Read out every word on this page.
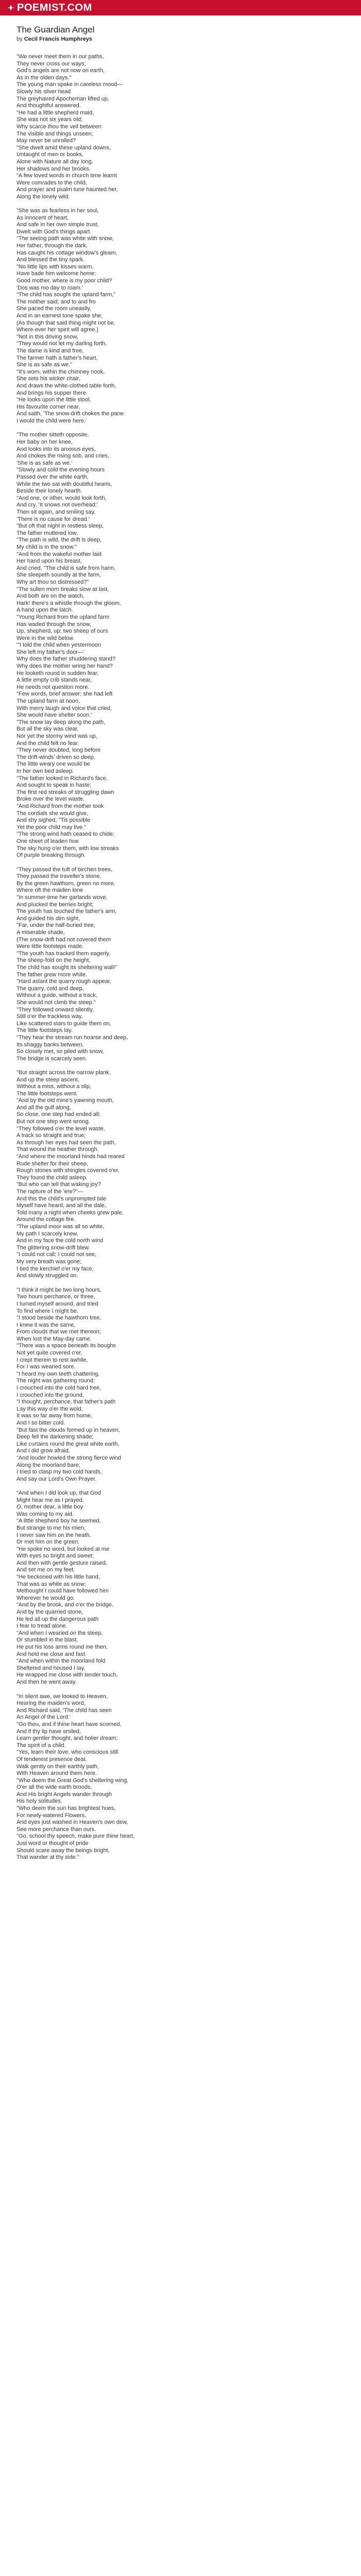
POEMIST.COM
The Guardian Angel

by Cecil Francis Humphreys

"We never meet them in our paths,
They never cross our ways;
God's angels are not now on earth,
As in the olden days."
The young man spake in careless mood—
Slowly his sliver head
The greyhaired Apocheman lifted up,
And thoughtful answered.
"He had a little shepherd maid,
She was not six years old;
Why scarce thou the veil between
The visible and things unseen;
May never be unrolled?
"She dwelt amid these upland downs,
Untaught of men or books,
Alone with Nature all day long,
Her shadows and her brooks.
"A few loved words in church time learnt
Were comrades to the child,
And prayer and psalm tune haunted her,
Along the lonely wild.
"She was as fearless in her soul,
As innocent of heart,
And safe in her own simple trust,
Dwelt with God's things apart.
"The seeing path was white with snow,
Her father, through the dark,
Has caught his cottage window's gleam,
And blessed the tiny spark.
"No little lips with kisses warm,
Have bade him welcome home:
Good mother, where is my poor child?
'Dos was mo day to roam.'
"The child has sought the upland farm,"
The mother said; and to and fro
She paced the room uneasily,
And in an earnest tone spake she,
(As though that said thing might not be,
Where-ever her spirit will agree.)
"Not in this driving snow,
"They would not let my darling forth,
The dame is kind and free,
The farmer hath a father's heart,
She is as safe as we."
"It's worn, within the chimney nook,
She sets his wicker chair,
And draws the white-clothed table forth,
And brings his supper there.
"He looks upon the little stool,
His favourite corner near,
And saith, 'The snow-drift chokes the pane:
I would the child were here.'
"The mother sitteth opposite,
Her baby on her knee,
And looks into its anxious eyes,
And chokes the rising sob, and cries,
'She is as safe as we.'
"Slowly and cold the evening hours
Passed over the white earth,
While the two sat with doubtful hearts,
Beside their lonely hearth.
"And one, or other, would look forth,
And cry, 'It snows not overhead;'
Then sit again, and smiling say,
'There is no cause for dread.'
"But oft that night in restless sleep,
The father muttered low,
"The path is wild, the drift is deep,
My child is in the snow."
"And from the wakeful mother laid
Her hand upon his breast,
And cried, "The child is safe from harm,
She sleepeth soundly at the farm,
Why art thou so distressed?"
"The sullen morn breaks slow at last,
And both are on the watch,
Hark! there's a whistle through the gloom,
A hand upon the latch.
"Young Richard from the upland farm
Has waded through the snow,
Up, shepherd, up; two sheep of ours
Were in the wild below.
"'I told the child when yestermoon
She left my father's door—'
Why does the father shuddering stand?
Why does the mother wring her hand?
He looketh round in sudden fear,
A little empty crib stands near,
He needs not question more.
"Few words, brief answer; she had left
The upland farm at noon,
With merry laugh and voice that cried,
She would have shelter soon.'
"The snow lay deep along the path,
But all the sky was clear,
Nor yet the stormy wind was up,
And the child felt no fear.
"They never doubted, long before
The drift-winds' driven so deep,
The little weary one would be
In her own bed asleep.
"The father looked in Richard's face,
And sought to speak in haste;
The first red streaks of struggling dawn
Broke over the level waste.
"And Richard from the mother took
The cordials she would give,
And shy sighed, "Tis possible
Yet the poor child may live."
"The strong wind hath ceased to chide;
One sheet of leaden hue
The sky hung o'er them, with low streaks
Of purple breaking through.
"They passed the tuft of birchen trees,
They passed the traveller's stone,
By the green hawthorn, green no more,
Where oft the maiden lone
"In summer-time her garlands wove,
And plucked the berries bright;
The youth has touched the father's arm,
And guided his dim sight,
"Far, under the half-buried tree,
A miserable shade,
(The snow-drift had not covered them
Were little footsteps made.
"The youth has tracked them eagerly,
The sheep-fold on the height,
The child has sought its sheltering wall!"
The father grew more white.
"Hard aslant the quarry rough appear,
The quarry, cold and deep,
Without a guide, without a track,
She would not climb the steep."
"They followed onward silently,
Still o'er the trackless way,
Like scattered stars to guide them on,
The little footsteps lay.
"They hear the stream run hoarse and deep,
Its shaggy banks between,
So closely met, so piled with snow,
The bridge is scarcely seen.
"But straight across the narrow plank,
And up the steep ascent,
Without a miss, without a slip,
The little footsteps went.
"And by the old mine's yawning mouth,
And all the gulf along,
So close, one step had ended all;
But not one step went wrong.
"They followed o'er the level waste,
A track so straight and true;
As through her eyes had seen the path,
That wound the heather through.
"And where the moorland hinds had reared
Rude shelter for their sheep,
Rough stones with shingles covered o'er,
They found the child asleep.
"But who can tell that waking joy?
The rapture of the 'ere?"—
And this the child's unprompted tale
Myself have heard, and all the dale,
Told many a night when cheeks grew pale,
Around the cottage fire.
"The upland moor was all so white,
My path I scarcely knew,
And in my face the cold north wind
The glittering snow-drift blew.
"I could not call; I could not see,
My very breath was gone;
I tied the kerchief o'er my face,
And slowly struggled on.
"I think it might be two long hours,
Two hours perchance, or three,
I turned myself around, and tried
To find where I might be.
"I stood beside the hawthorn tree,
I knew it was the same,
From clouds that we met thereon;
When lost the May-day came.
"There was a space beneath its boughs
Not yet quite covered o'er,
I crept therein to rest awhile,
For I was wearied sore.
"I heard my own teeth chattering,
The night was gathering round;
I crouched into the cold hard tree,
I crouched into the ground.
"I thought, perchance, that father's path
Lay this way o'er the wold,
It was so far away from home,
And I so bitter cold.
"But fast the clouds formed up in heaven,
Deep fell the darkening shade;
Like curtains round the great white earth,
And I did grow afraid.
"And louder howled the strong fierce wind
Along the moorland bare;
I tried to clasp my two cold hands,
And say our Lord's Own Prayer.
"And when I did look up, that God
Might hear me as I prayed,
O, mother dear, a little boy
Was coming to my aid.
"A little shepherd boy he seemed,
But strange to me his mien,
I never saw him on the heath,
Or met him on the green.
"He spoke no word, but looked at me
With eyes so bright and sweet;
And then with gentle gesture raised,
And set me on my feet.
"He beckoned with his little hand,
That was as white as snow;
Methought I could have followed him
Wherever he would go.
"And by the brook, and o'er the bridge,
And by the quarried stone,
He led all up the dangerous path
I fear to tread alone.
"And when I wearied on the steep,
Or stumbled in the blast,
He put his loss arms round me then,
And held me close and fast.
"And when within the moorland fold
Sheltered and housed I lay,
He wrapped me close with tender touch,
And then he went away.
"In silent awe, we looked to Heaven,
Hearing the maiden's word,
And Richard said, 'The child has seen
An Angel of the Lord.'
"Go thou, and if thine heart have scorned,
And if thy lip have smiled,
Learn gentler thought, and holier dream;
The spirit of a child.
"Yes, learn their love, who conscious still
Of tenderest presence dear,
Walk gently on their earthly path,
With Heaven around them here.
"Who deem the Great God's sheltering wing,
O'er all the wide earth broods,
And His bright Angels wander through
His holy solitudes.
"Who deem the sun has brightest hues,
For newly-watered Flowers,
And eyes just washed in Heaven's own dew,
See more perchance than ours.
"Go, school thy speech, make pure thine heart,
Just word or thought of pride
Should scare away the beings bright,
That wander at thy side."
